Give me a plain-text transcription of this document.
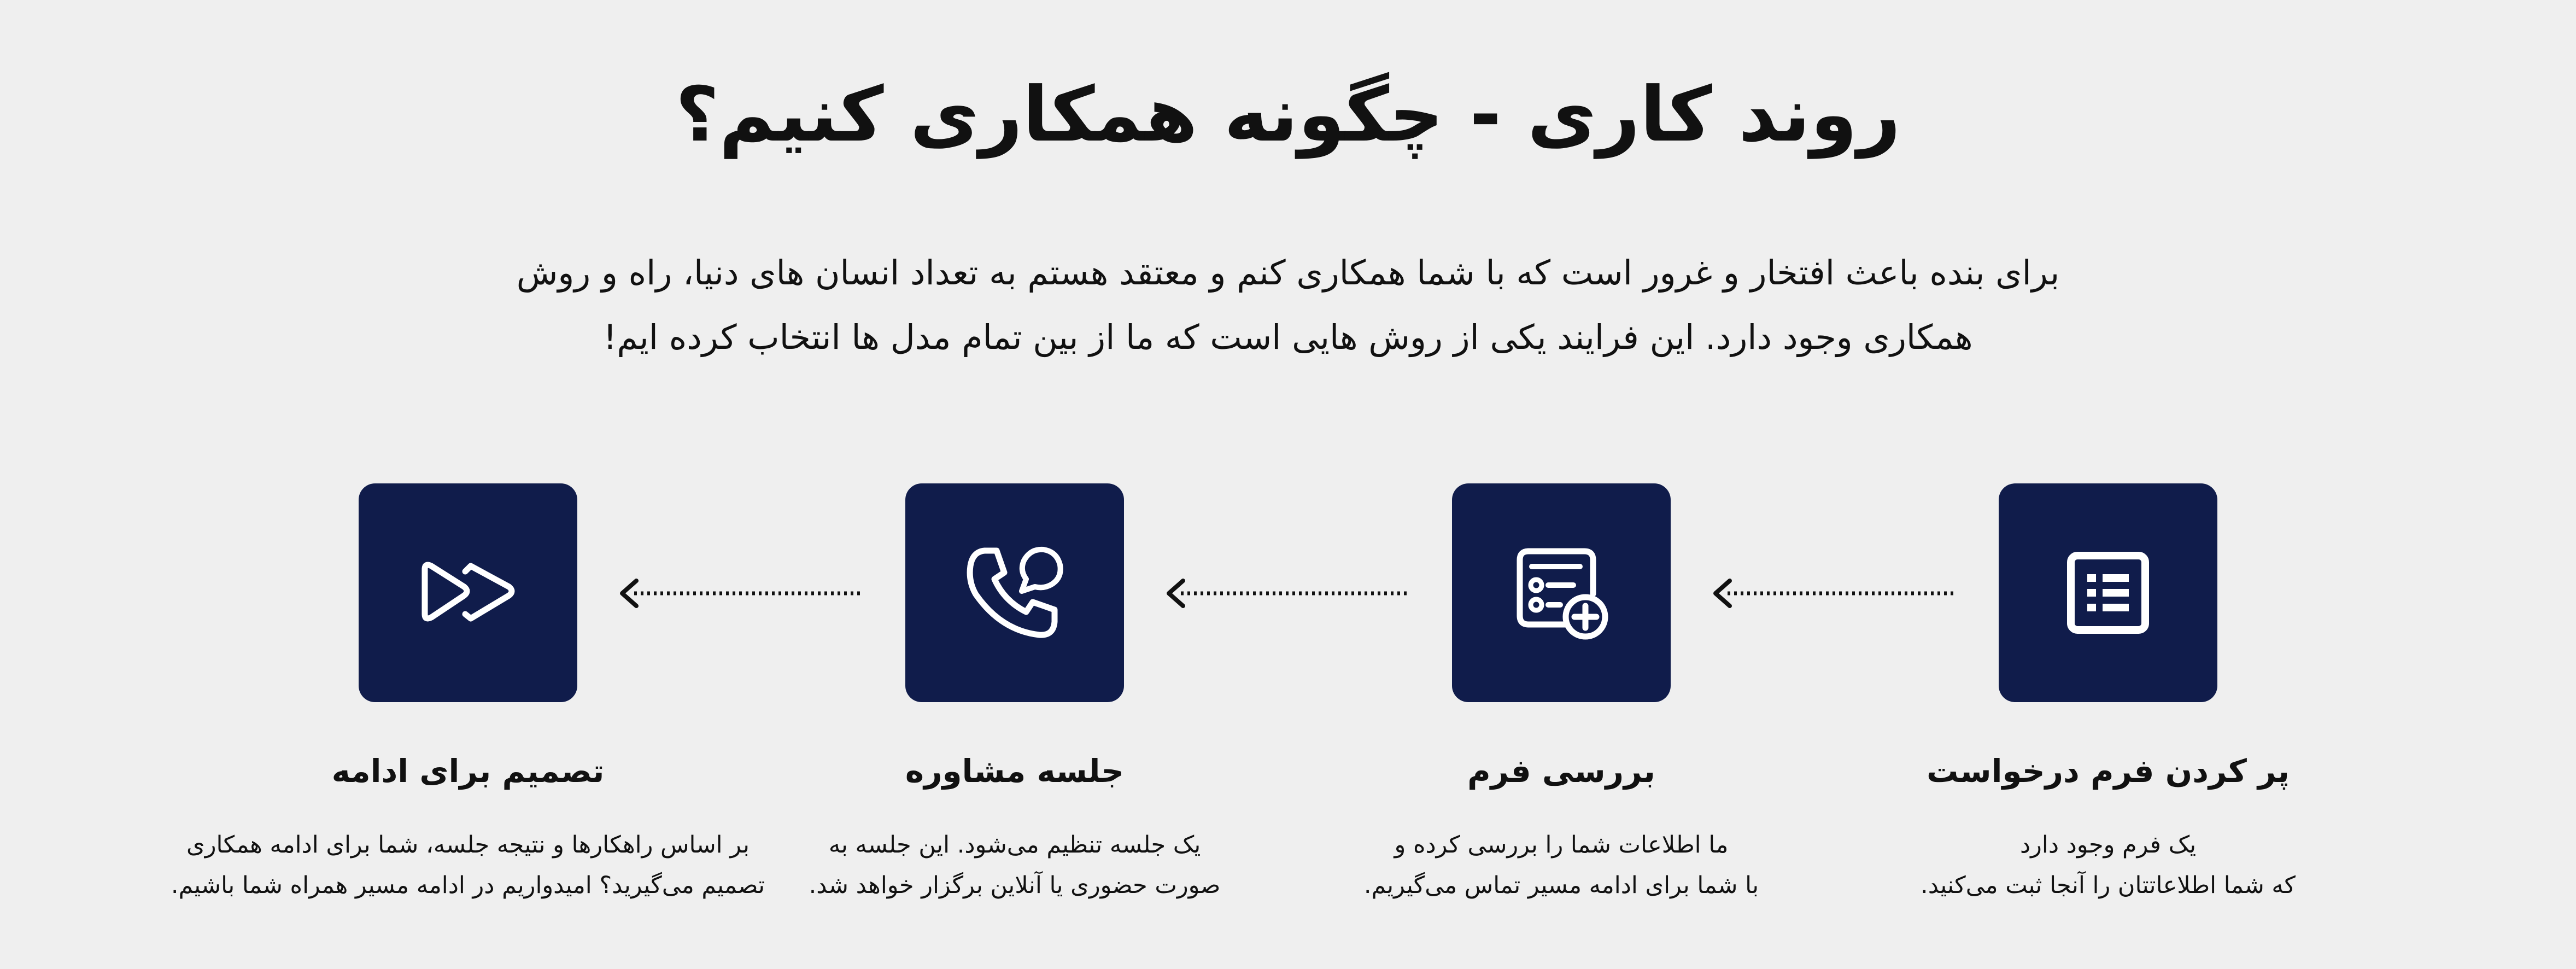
روند کاری - چگونه همکاری کنیم؟

برای بنده باعث افتخار و غرور است که با شما همکاری کنم و معتقد هستم به تعداد انسان های دنیا، راه و روش
همکاری وجود دارد. این فرایند یکی از روش هایی است که ما از بین تمام مدل ها انتخاب کرده ایم!

پر کردن فرم درخواست
بررسی فرم
جلسه مشاوره
تصمیم برای ادامه

یک فرم وجود دارد
که شما اطلاعاتتان را آنجا ثبت می‌کنید.

ما اطلاعات شما را بررسی کرده و
با شما برای ادامه مسیر تماس می‌گیریم.

یک جلسه تنظیم می‌شود. این جلسه به
صورت حضوری یا آنلاین برگزار خواهد شد.

بر اساس راهکارها و نتیجه جلسه، شما برای ادامه همکاری
تصمیم می‌گیرید؟ امیدواریم در ادامه مسیر همراه شما باشیم.
